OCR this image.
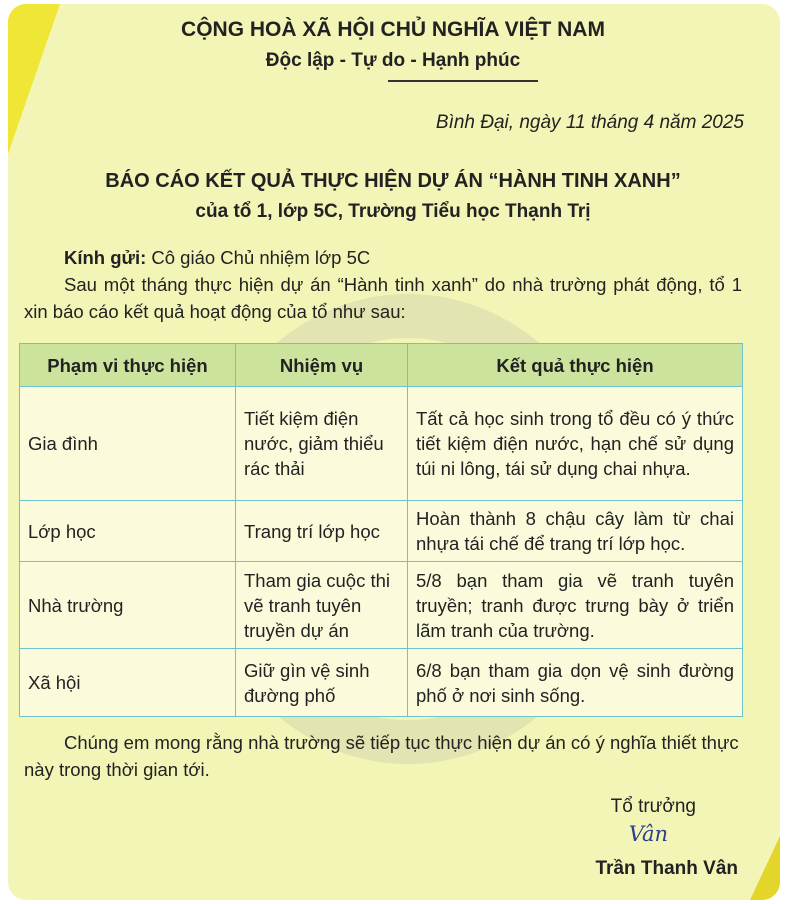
CỘNG HOÀ XÃ HỘI CHỦ NGHĨA VIỆT NAM
Độc lập - Tự do - Hạnh phúc
Bình Đại, ngày 11 tháng 4 năm 2025
BÁO CÁO KẾT QUẢ THỰC HIỆN DỰ ÁN “HÀNH TINH XANH”
của tổ 1, lớp 5C, Trường Tiểu học Thạnh Trị
Kính gửi: Cô giáo Chủ nhiệm lớp 5C
Sau một tháng thực hiện dự án “Hành tinh xanh” do nhà trường phát động, tổ 1 xin báo cáo kết quả hoạt động của tổ như sau:
Phạm vi thực hiện	Nhiệm vụ	Kết quả thực hiện
Gia đình	Tiết kiệm điện nước, giảm thiểu rác thải	Tất cả học sinh trong tổ đều có ý thức tiết kiệm điện nước, hạn chế sử dụng túi ni lông, tái sử dụng chai nhựa.
Lớp học	Trang trí lớp học	Hoàn thành 8 chậu cây làm từ chai nhựa tái chế để trang trí lớp học.
Nhà trường	Tham gia cuộc thi vẽ tranh tuyên truyền dự án	5/8 bạn tham gia vẽ tranh tuyên truyền; tranh được trưng bày ở triển lãm tranh của trường.
Xã hội	Giữ gìn vệ sinh đường phố	6/8 bạn tham gia dọn vệ sinh đường phố ở nơi sinh sống.
Chúng em mong rằng nhà trường sẽ tiếp tục thực hiện dự án có ý nghĩa thiết thực này trong thời gian tới.
Tổ trưởng
Vân
Trần Thanh Vân
